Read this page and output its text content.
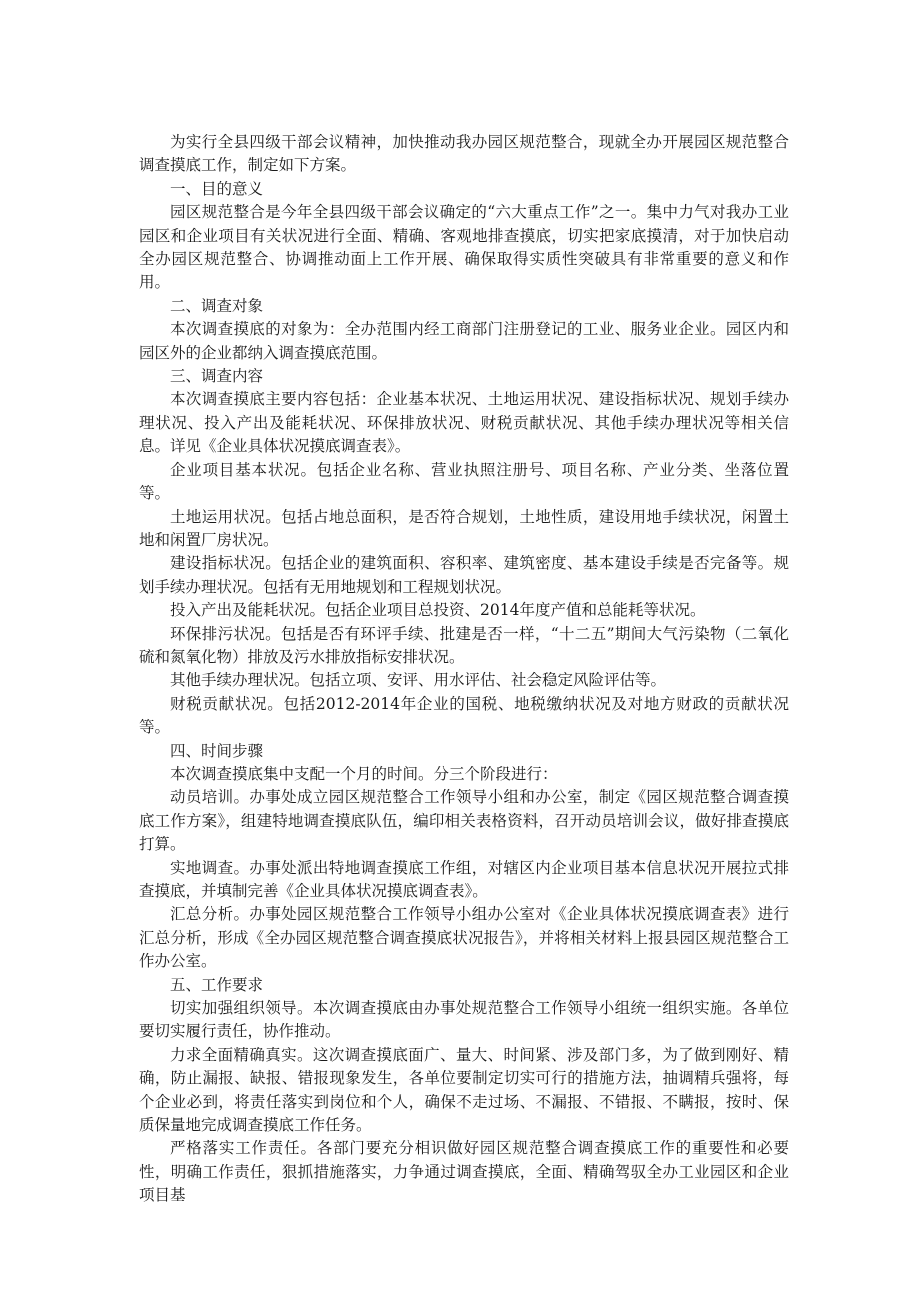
为实行全县四级干部会议精神，加快推动我办园区规范整合，现就全办开展园区规范整合调查摸底工作，制定如下方案。

一、目的意义

园区规范整合是今年全县四级干部会议确定的“六大重点工作”之一。集中力气对我办工业园区和企业项目有关状况进行全面、精确、客观地排查摸底，切实把家底摸清，对于加快启动全办园区规范整合、协调推动面上工作开展、确保取得实质性突破具有非常重要的意义和作用。

二、调查对象

本次调查摸底的对象为：全办范围内经工商部门注册登记的工业、服务业企业。园区内和园区外的企业都纳入调查摸底范围。

三、调查内容

本次调查摸底主要内容包括：企业基本状况、土地运用状况、建设指标状况、规划手续办理状况、投入产出及能耗状况、环保排放状况、财税贡献状况、其他手续办理状况等相关信息。详见《企业具体状况摸底调查表》。

企业项目基本状况。包括企业名称、营业执照注册号、项目名称、产业分类、坐落位置等。

土地运用状况。包括占地总面积，是否符合规划，土地性质，建设用地手续状况，闲置土地和闲置厂房状况。

建设指标状况。包括企业的建筑面积、容积率、建筑密度、基本建设手续是否完备等。规划手续办理状况。包括有无用地规划和工程规划状况。

投入产出及能耗状况。包括企业项目总投资、2014年度产值和总能耗等状况。

环保排污状况。包括是否有环评手续、批建是否一样，“十二五”期间大气污染物（二氧化硫和氮氧化物）排放及污水排放指标安排状况。

其他手续办理状况。包括立项、安评、用水评估、社会稳定风险评估等。

财税贡献状况。包括2012-2014年企业的国税、地税缴纳状况及对地方财政的贡献状况等。

四、时间步骤

本次调查摸底集中支配一个月的时间。分三个阶段进行：

动员培训。办事处成立园区规范整合工作领导小组和办公室，制定《园区规范整合调查摸底工作方案》，组建特地调查摸底队伍，编印相关表格资料，召开动员培训会议，做好排查摸底打算。

实地调查。办事处派出特地调查摸底工作组，对辖区内企业项目基本信息状况开展拉式排查摸底，并填制完善《企业具体状况摸底调查表》。

汇总分析。办事处园区规范整合工作领导小组办公室对《企业具体状况摸底调查表》进行汇总分析，形成《全办园区规范整合调查摸底状况报告》，并将相关材料上报县园区规范整合工作办公室。

五、工作要求

切实加强组织领导。本次调查摸底由办事处规范整合工作领导小组统一组织实施。各单位要切实履行责任，协作推动。

力求全面精确真实。这次调查摸底面广、量大、时间紧、涉及部门多，为了做到刚好、精确，防止漏报、缺报、错报现象发生，各单位要制定切实可行的措施方法，抽调精兵强将，每个企业必到，将责任落实到岗位和个人，确保不走过场、不漏报、不错报、不瞒报，按时、保质保量地完成调查摸底工作任务。

严格落实工作责任。各部门要充分相识做好园区规范整合调查摸底工作的重要性和必要性，明确工作责任，狠抓措施落实，力争通过调查摸底，全面、精确驾驭全办工业园区和企业项目基
